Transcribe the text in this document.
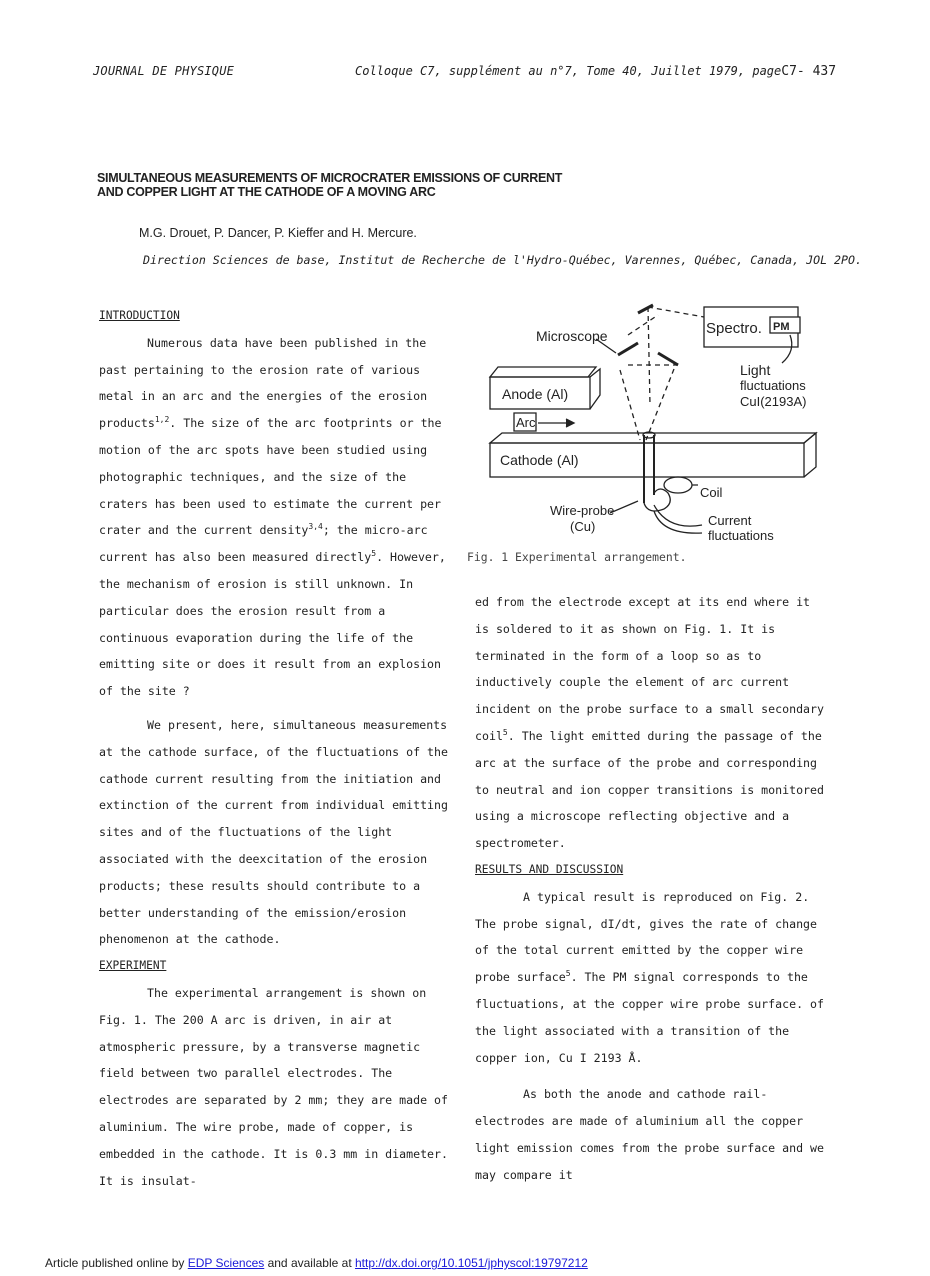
JOURNAL DE PHYSIQUE	Colloque C7, supplément au n°7, Tome 40, Juillet 1979, pageC7- 437
SIMULTANEOUS MEASUREMENTS OF MICROCRATER EMISSIONS OF CURRENT
AND COPPER LIGHT AT THE CATHODE OF A MOVING ARC
M.G. Drouet, P. Dancer, P. Kieffer and H. Mercure.
Direction Sciences de base, Institut de Recherche de l'Hydro-Québec, Varennes, Québec, Canada, JOL 2PO.

INTRODUCTION

Numerous data have been published in the past pertaining to the erosion rate of various metal in an arc and the energies of the erosion products$^{1,2}$. The size of the arc footprints or the motion of the arc spots have been studied using photographic techniques, and the size of the craters has been used to estimate the current per crater and the current density$^{3,4}$; the micro-arc current has also been measured directly$^5$. However, the mechanism of erosion is still unknown. In particular does the erosion result from a continuous evaporation during the life of the emitting site or does it result from an explosion of the site ?

We present, here, simultaneous measurements at the cathode surface, of the fluctuations of the cathode current resulting from the initiation and extinction of the current from individual emitting sites and of the fluctuations of the light associated with the deexcitation of the erosion products; these results should contribute to a better understanding of the emission/erosion phenomenon at the cathode.

EXPERIMENT

The experimental arrangement is shown on Fig. 1. The 200 A arc is driven, in air at atmospheric pressure, by a transverse magnetic field between two parallel electrodes. The electrodes are separated by 2 mm; they are made of aluminium. The wire probe, made of copper, is embedded in the cathode. It is 0.3 mm in diameter. It is insulat-

Microscope	Spectro. PM
Light
fluctuations
CuI(2193A)
Anode (Al)
Arc
Cathode (Al)
Coil
Wire-probe
(Cu)	Current
fluctuations
Fig. 1 Experimental arrangement.

ed from the electrode except at its end where it is soldered to it as shown on Fig. 1. It is terminated in the form of a loop so as to inductively couple the element of arc current incident on the probe surface to a small secondary coil$^5$. The light emitted during the passage of the arc at the surface of the probe and corresponding to neutral and ion copper transitions is monitored using a microscope reflecting objective and a spectrometer.

RESULTS AND DISCUSSION

A typical result is reproduced on Fig. 2. The probe signal, dI/dt, gives the rate of change of the total current emitted by the copper wire probe surface$^5$. The PM signal corresponds to the fluctuations, at the copper wire probe surface. of the light associated with a transition of the copper ion, Cu I 2193 Å.

As both the anode and cathode rail-electrodes are made of aluminium all the copper light emission comes from the probe surface and we may compare it

Article published online by EDP Sciences and available at http://dx.doi.org/10.1051/jphyscol:19797212
